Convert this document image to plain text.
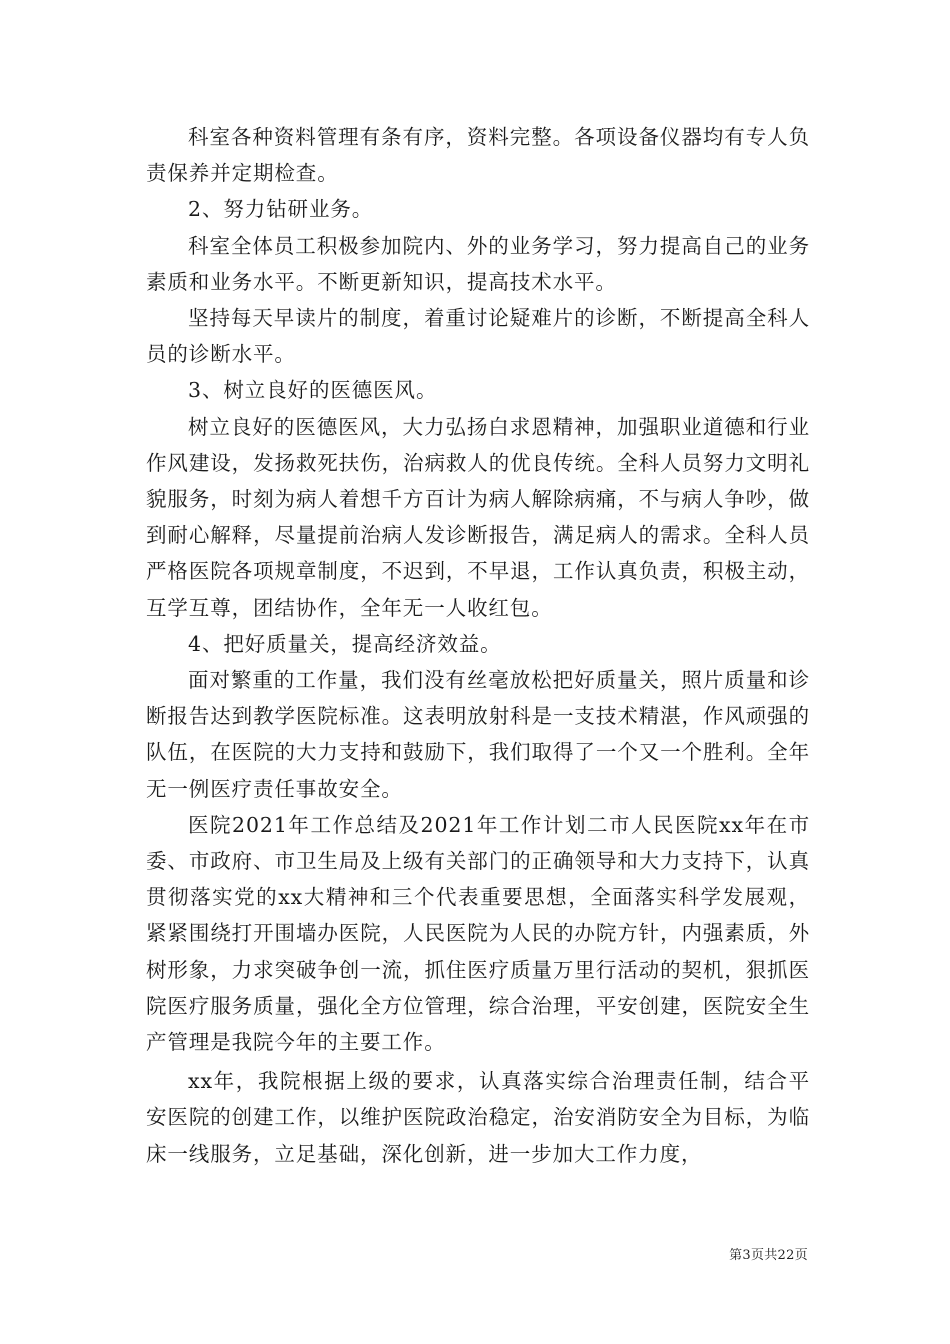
科室各种资料管理有条有序，资料完整。各项设备仪器均有专人负责保养并定期检查。

2、努力钻研业务。

科室全体员工积极参加院内、外的业务学习，努力提高自己的业务素质和业务水平。不断更新知识，提高技术水平。

坚持每天早读片的制度，着重讨论疑难片的诊断，不断提高全科人员的诊断水平。

3、树立良好的医德医风。

树立良好的医德医风，大力弘扬白求恩精神，加强职业道德和行业作风建设，发扬救死扶伤，治病救人的优良传统。全科人员努力文明礼貌服务，时刻为病人着想千方百计为病人解除病痛，不与病人争吵，做到耐心解释，尽量提前治病人发诊断报告，满足病人的需求。全科人员严格医院各项规章制度，不迟到，不早退，工作认真负责，积极主动，互学互尊，团结协作，全年无一人收红包。

4、把好质量关，提高经济效益。

面对繁重的工作量，我们没有丝毫放松把好质量关，照片质量和诊断报告达到教学医院标准。这表明放射科是一支技术精湛，作风顽强的队伍，在医院的大力支持和鼓励下，我们取得了一个又一个胜利。全年无一例医疗责任事故安全。

医院2021年工作总结及2021年工作计划二市人民医院xx年在市委、市政府、市卫生局及上级有关部门的正确领导和大力支持下，认真贯彻落实党的xx大精神和三个代表重要思想，全面落实科学发展观，紧紧围绕打开围墙办医院，人民医院为人民的办院方针，内强素质，外树形象，力求突破争创一流，抓住医疗质量万里行活动的契机，狠抓医院医疗服务质量，强化全方位管理，综合治理，平安创建，医院安全生产管理是我院今年的主要工作。

xx年，我院根据上级的要求，认真落实综合治理责任制，结合平安医院的创建工作，以维护医院政治稳定，治安消防安全为目标，为临床一线服务，立足基础，深化创新，进一步加大工作力度，

第3页共22页
